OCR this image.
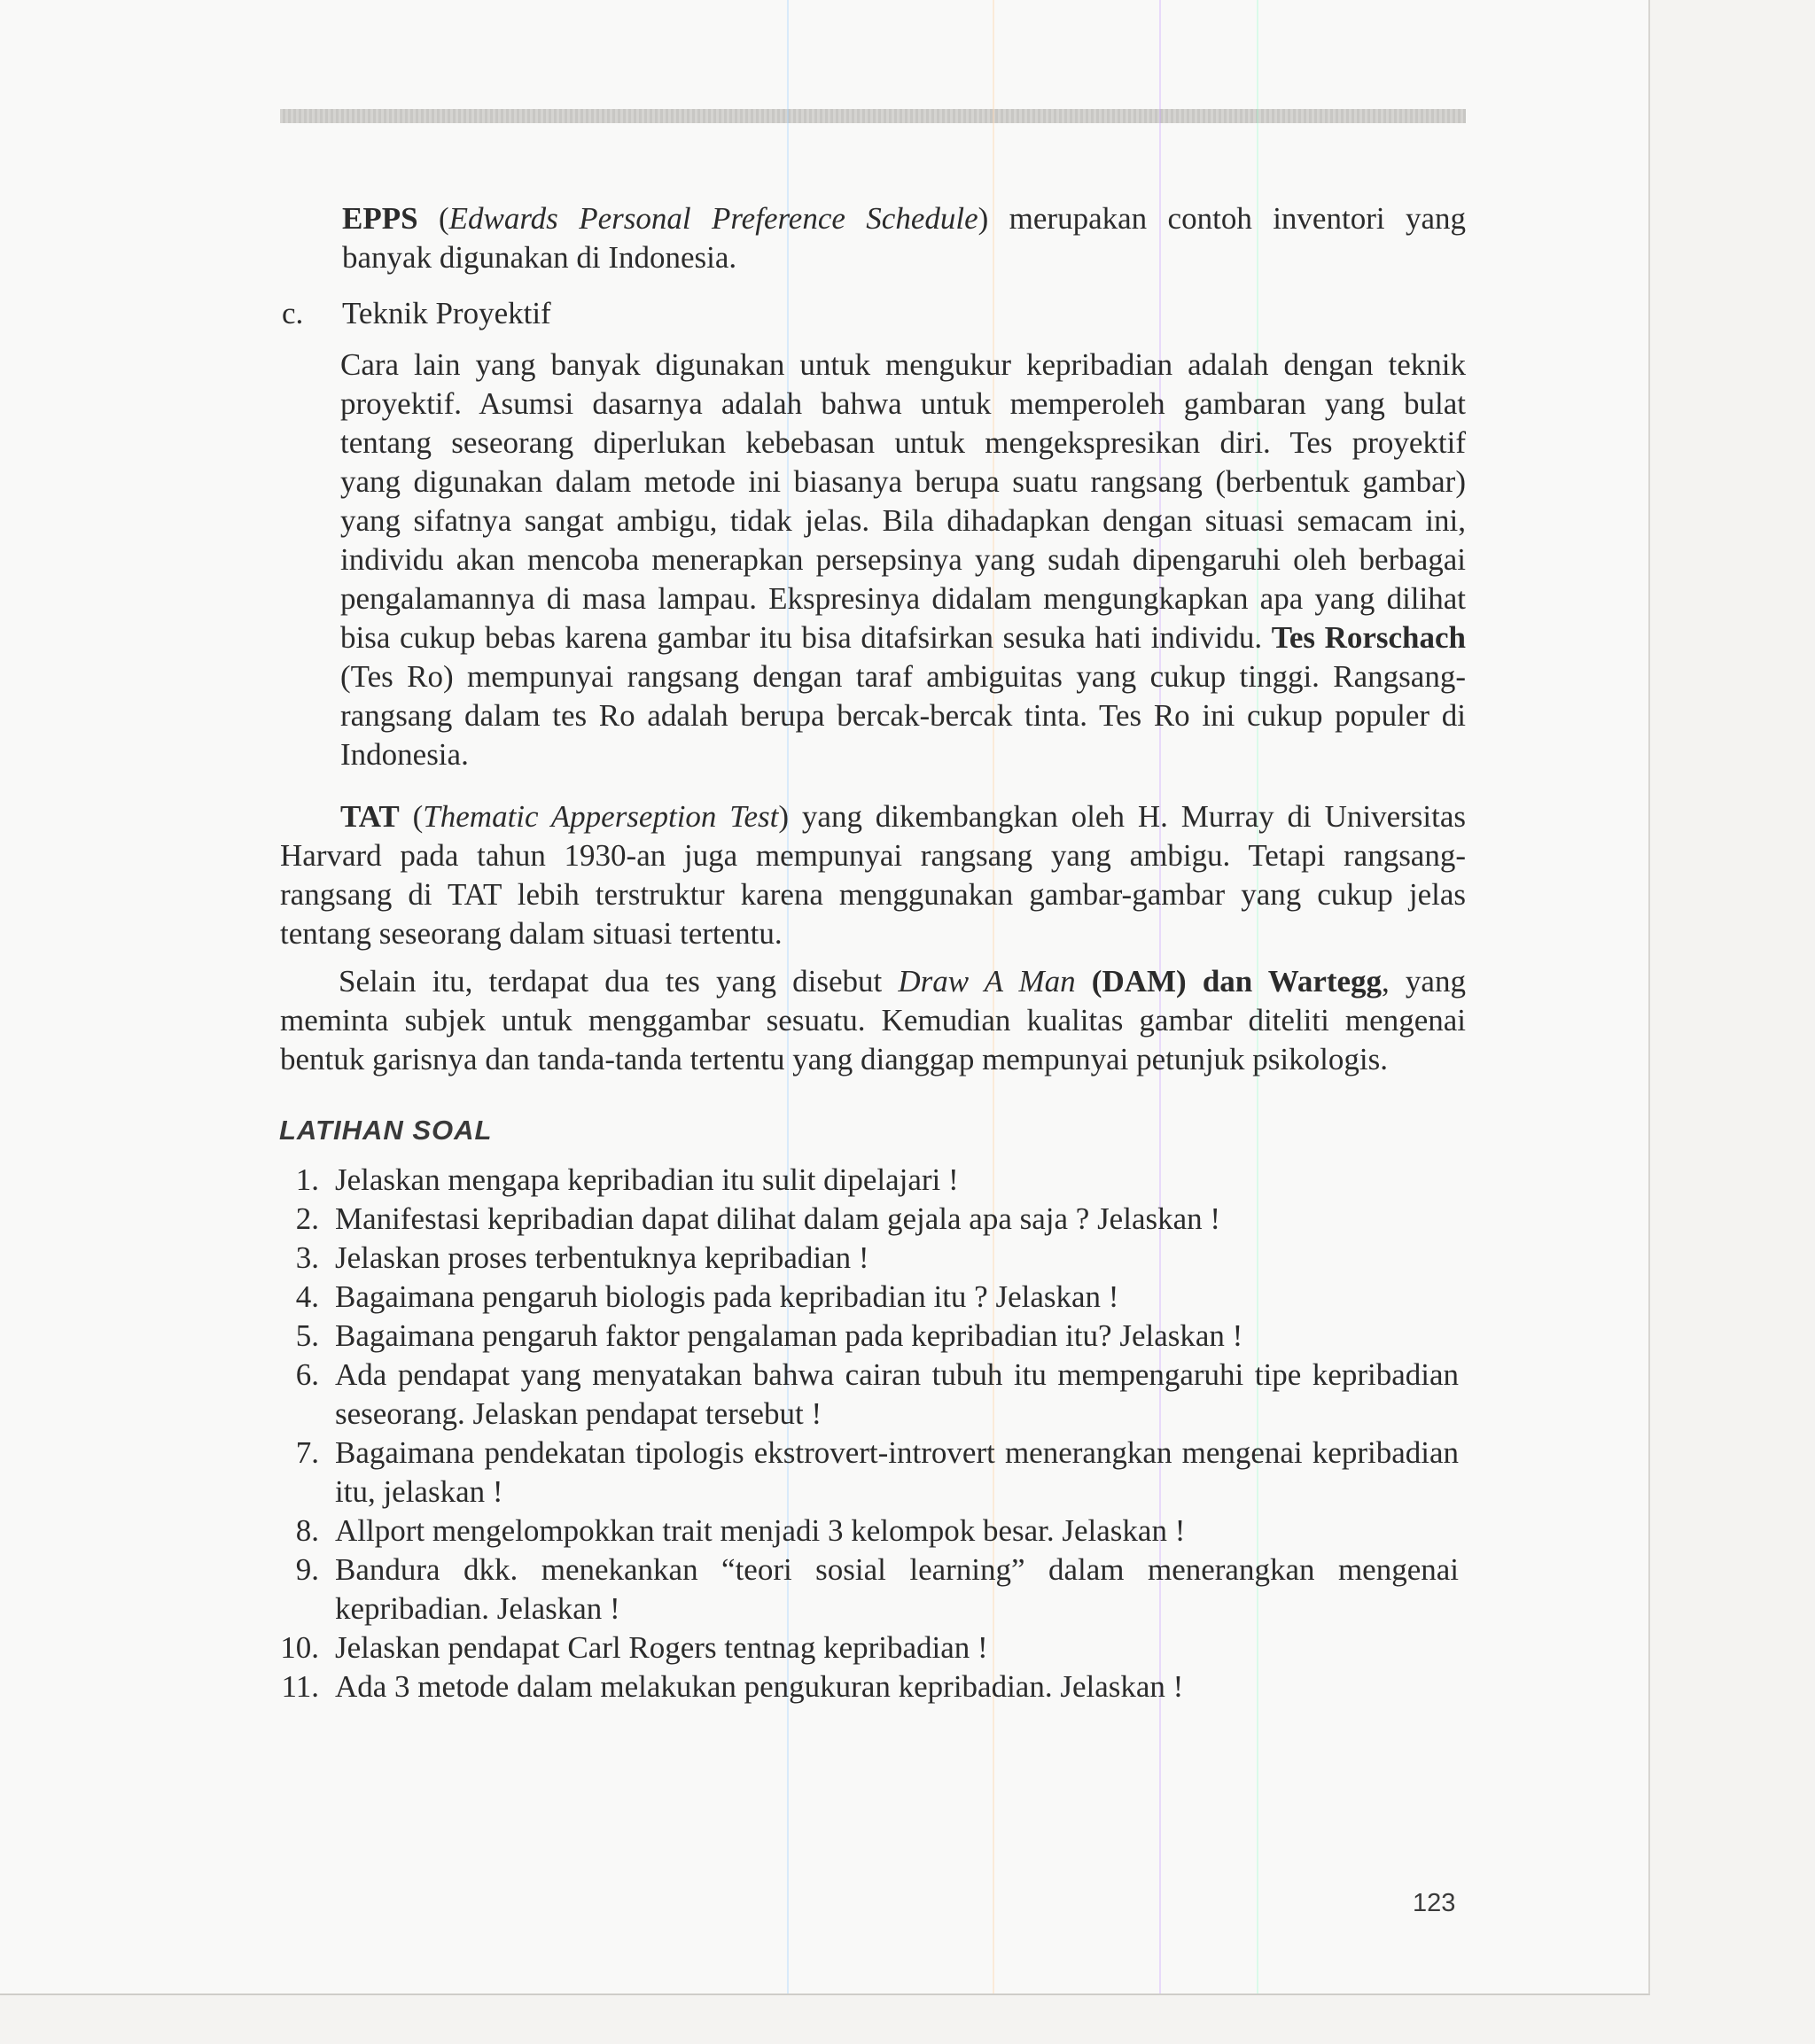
EPPS (Edwards Personal Preference Schedule) merupakan contoh inventori yang

banyak digunakan di Indonesia.

c. Teknik Proyektif

Cara lain yang banyak digunakan untuk mengukur kepribadian adalah dengan teknik
proyektif. Asumsi dasarnya adalah bahwa untuk memperoleh gambaran yang bulat
tentang seseorang diperlukan kebebasan untuk mengekspresikan diri. Tes proyektif
yang digunakan dalam metode ini biasanya berupa suatu rangsang (berbentuk gambar)
yang sifatnya sangat ambigu, tidak jelas. Bila dihadapkan dengan situasi semacam ini,
individu akan mencoba menerapkan persepsinya yang sudah dipengaruhi oleh berbagai
pengalamannya di masa lampau. Ekspresinya didalam mengungkapkan apa yang dilihat
bisa cukup bebas karena gambar itu bisa ditafsirkan sesuka hati individu. Tes Rorschach
(Tes Ro) mempunyai rangsang dengan taraf ambiguitas yang cukup tinggi. Rangsang-
rangsang dalam tes Ro adalah berupa bercak-bercak tinta. Tes Ro ini cukup populer di
Indonesia.
TAT (Thematic Apperseption Test) yang dikembangkan oleh H. Murray di Universitas
Harvard pada tahun 1930-an juga mempunyai rangsang yang ambigu. Tetapi rangsang-
rangsang di TAT lebih terstruktur karena menggunakan gambar-gambar yang cukup jelas
tentang seseorang dalam situasi tertentu.
Selain itu, terdapat dua tes yang disebut Draw A Man (DAM) dan Wartegg, yang
meminta subjek untuk menggambar sesuatu. Kemudian kualitas gambar diteliti mengenai
bentuk garisnya dan tanda-tanda tertentu yang dianggap mempunyai petunjuk psikologis.
LATIHAN SOAL
1. Jelaskan mengapa kepribadian itu sulit dipelajari !
2. Manifestasi kepribadian dapat dilihat dalam gejala apa saja ? Jelaskan !
3. Jelaskan proses terbentuknya kepribadian !
4. Bagaimana pengaruh biologis pada kepribadian itu ? Jelaskan !
5. Bagaimana pengaruh faktor pengalaman pada kepribadian itu? Jelaskan !
6. Ada pendapat yang menyatakan bahwa cairan tubuh itu mempengaruhi tipe kepribadian
seseorang. Jelaskan pendapat tersebut !
7. Bagaimana pendekatan tipologis ekstrovert-introvert menerangkan mengenai kepribadian
itu, jelaskan !
8. Allport mengelompokkan trait menjadi 3 kelompok besar. Jelaskan !
9. Bandura dkk. menekankan “teori sosial learning” dalam menerangkan mengenai
kepribadian. Jelaskan !
10. Jelaskan pendapat Carl Rogers tentnag kepribadian !
11. Ada 3 metode dalam melakukan pengukuran kepribadian. Jelaskan !
123
